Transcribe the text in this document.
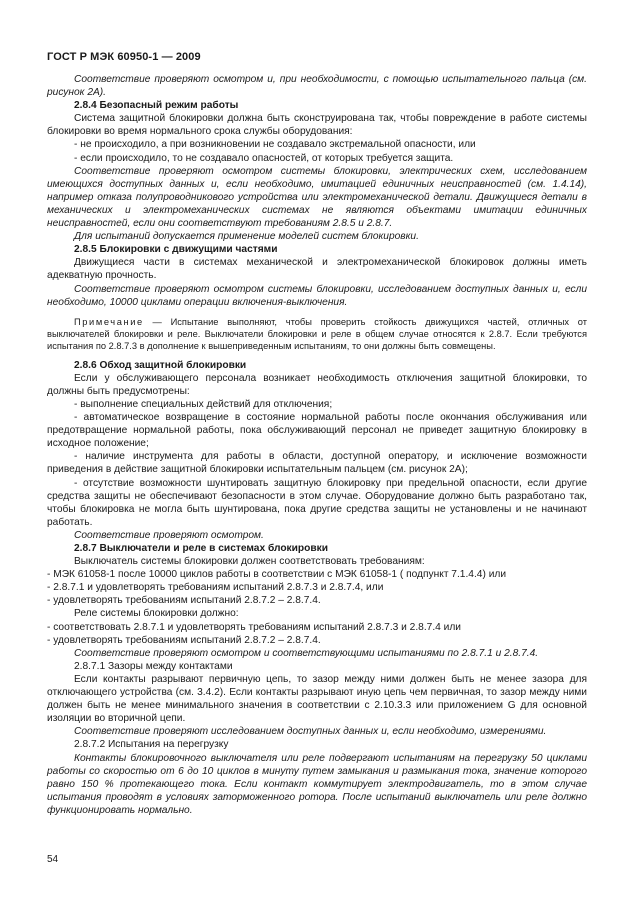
ГОСТ Р МЭК 60950-1 — 2009

Соответствие проверяют осмотром и, при необходимости, с помощью испытательного пальца (см. рисунок 2А).

2.8.4 Безопасный режим работы

Система защитной блокировки должна быть сконструирована так, чтобы повреждение в работе системы блокировки во время нормального срока службы оборудования:

- не происходило, а при возникновении не создавало экстремальной опасности, или

- если происходило, то не создавало опасностей, от которых требуется защита.

Соответствие проверяют осмотром системы блокировки, электрических схем, исследованием имеющихся доступных данных и, если необходимо, имитацией единичных неисправностей (см. 1.4.14), например отказа полупроводникового устройства или электромеханической детали. Движущиеся детали в механических и электромеханических системах не являются объектами имитации единичных неисправностей, если они соответствуют требованиям 2.8.5 и 2.8.7.

Для испытаний допускается применение моделей систем блокировки.

2.8.5 Блокировки с движущими частями

Движущиеся части в системах механической и электромеханической блокировок должны иметь адекватную прочность.

Соответствие проверяют осмотром системы блокировки, исследованием доступных данных и, если необходимо, 10000 циклами операции включения-выключения.

Примечание — Испытание выполняют, чтобы проверить стойкость движущихся частей, отличных от выключателей блокировки и реле. Выключатели блокировки и реле в общем случае относятся к 2.8.7. Если требуются испытания по 2.8.7.3 в дополнение к вышеприведенным испытаниям, то они должны быть совмещены.

2.8.6 Обход защитной блокировки

Если у обслуживающего персонала возникает необходимость отключения защитной блокировки, то должны быть предусмотрены:

- выполнение специальных действий для отключения;

- автоматическое возвращение в состояние нормальной работы после окончания обслуживания или предотвращение нормальной работы, пока обслуживающий персонал не приведет защитную блокировку в исходное положение;

- наличие инструмента для работы в области, доступной оператору, и исключение возможности приведения в действие защитной блокировки испытательным пальцем (см. рисунок 2А);

- отсутствие возможности шунтировать защитную блокировку при предельной опасности, если другие средства защиты не обеспечивают безопасности в этом случае. Оборудование должно быть разработано так, чтобы блокировка не могла быть шунтирована, пока другие средства защиты не установлены и не начинают работать.

Соответствие проверяют осмотром.

2.8.7 Выключатели и реле в системах блокировки

Выключатель системы блокировки должен соответствовать требованиям:

- МЭК 61058-1 после 10000 циклов работы в соответствии с МЭК 61058-1 ( подпункт 7.1.4.4) или

- 2.8.7.1 и удовлетворять требованиям испытаний 2.8.7.3 и 2.8.7.4, или

- удовлетворять требованиям испытаний 2.8.7.2 – 2.8.7.4.

Реле системы блокировки должно:

- соответствовать 2.8.7.1 и удовлетворять требованиям испытаний 2.8.7.3 и 2.8.7.4 или

- удовлетворять требованиям испытаний 2.8.7.2 – 2.8.7.4.

Соответствие проверяют осмотром и соответствующими испытаниями по 2.8.7.1 и 2.8.7.4.

2.8.7.1 Зазоры между контактами

Если контакты разрывают первичную цепь, то зазор между ними должен быть не менее зазора для отключающего устройства (см. 3.4.2). Если контакты разрывают иную цепь чем первичная, то зазор между ними должен быть не менее минимального значения в соответствии с 2.10.3.3 или приложением G для основной изоляции во вторичной цепи.

Соответствие проверяют исследованием доступных данных и, если необходимо, измерениями.

2.8.7.2 Испытания на перегрузку

Контакты блокировочного выключателя или реле подвергают испытаниям на перегрузку 50 циклами работы со скоростью от 6 до 10 циклов в минуту путем замыкания и размыкания тока, значение которого равно 150 % протекающего тока. Если контакт коммутирует электродвигатель, то в этом случае испытания проводят в условиях заторможенного ротора. После испытаний выключатель или реле должно функционировать нормально.

54
